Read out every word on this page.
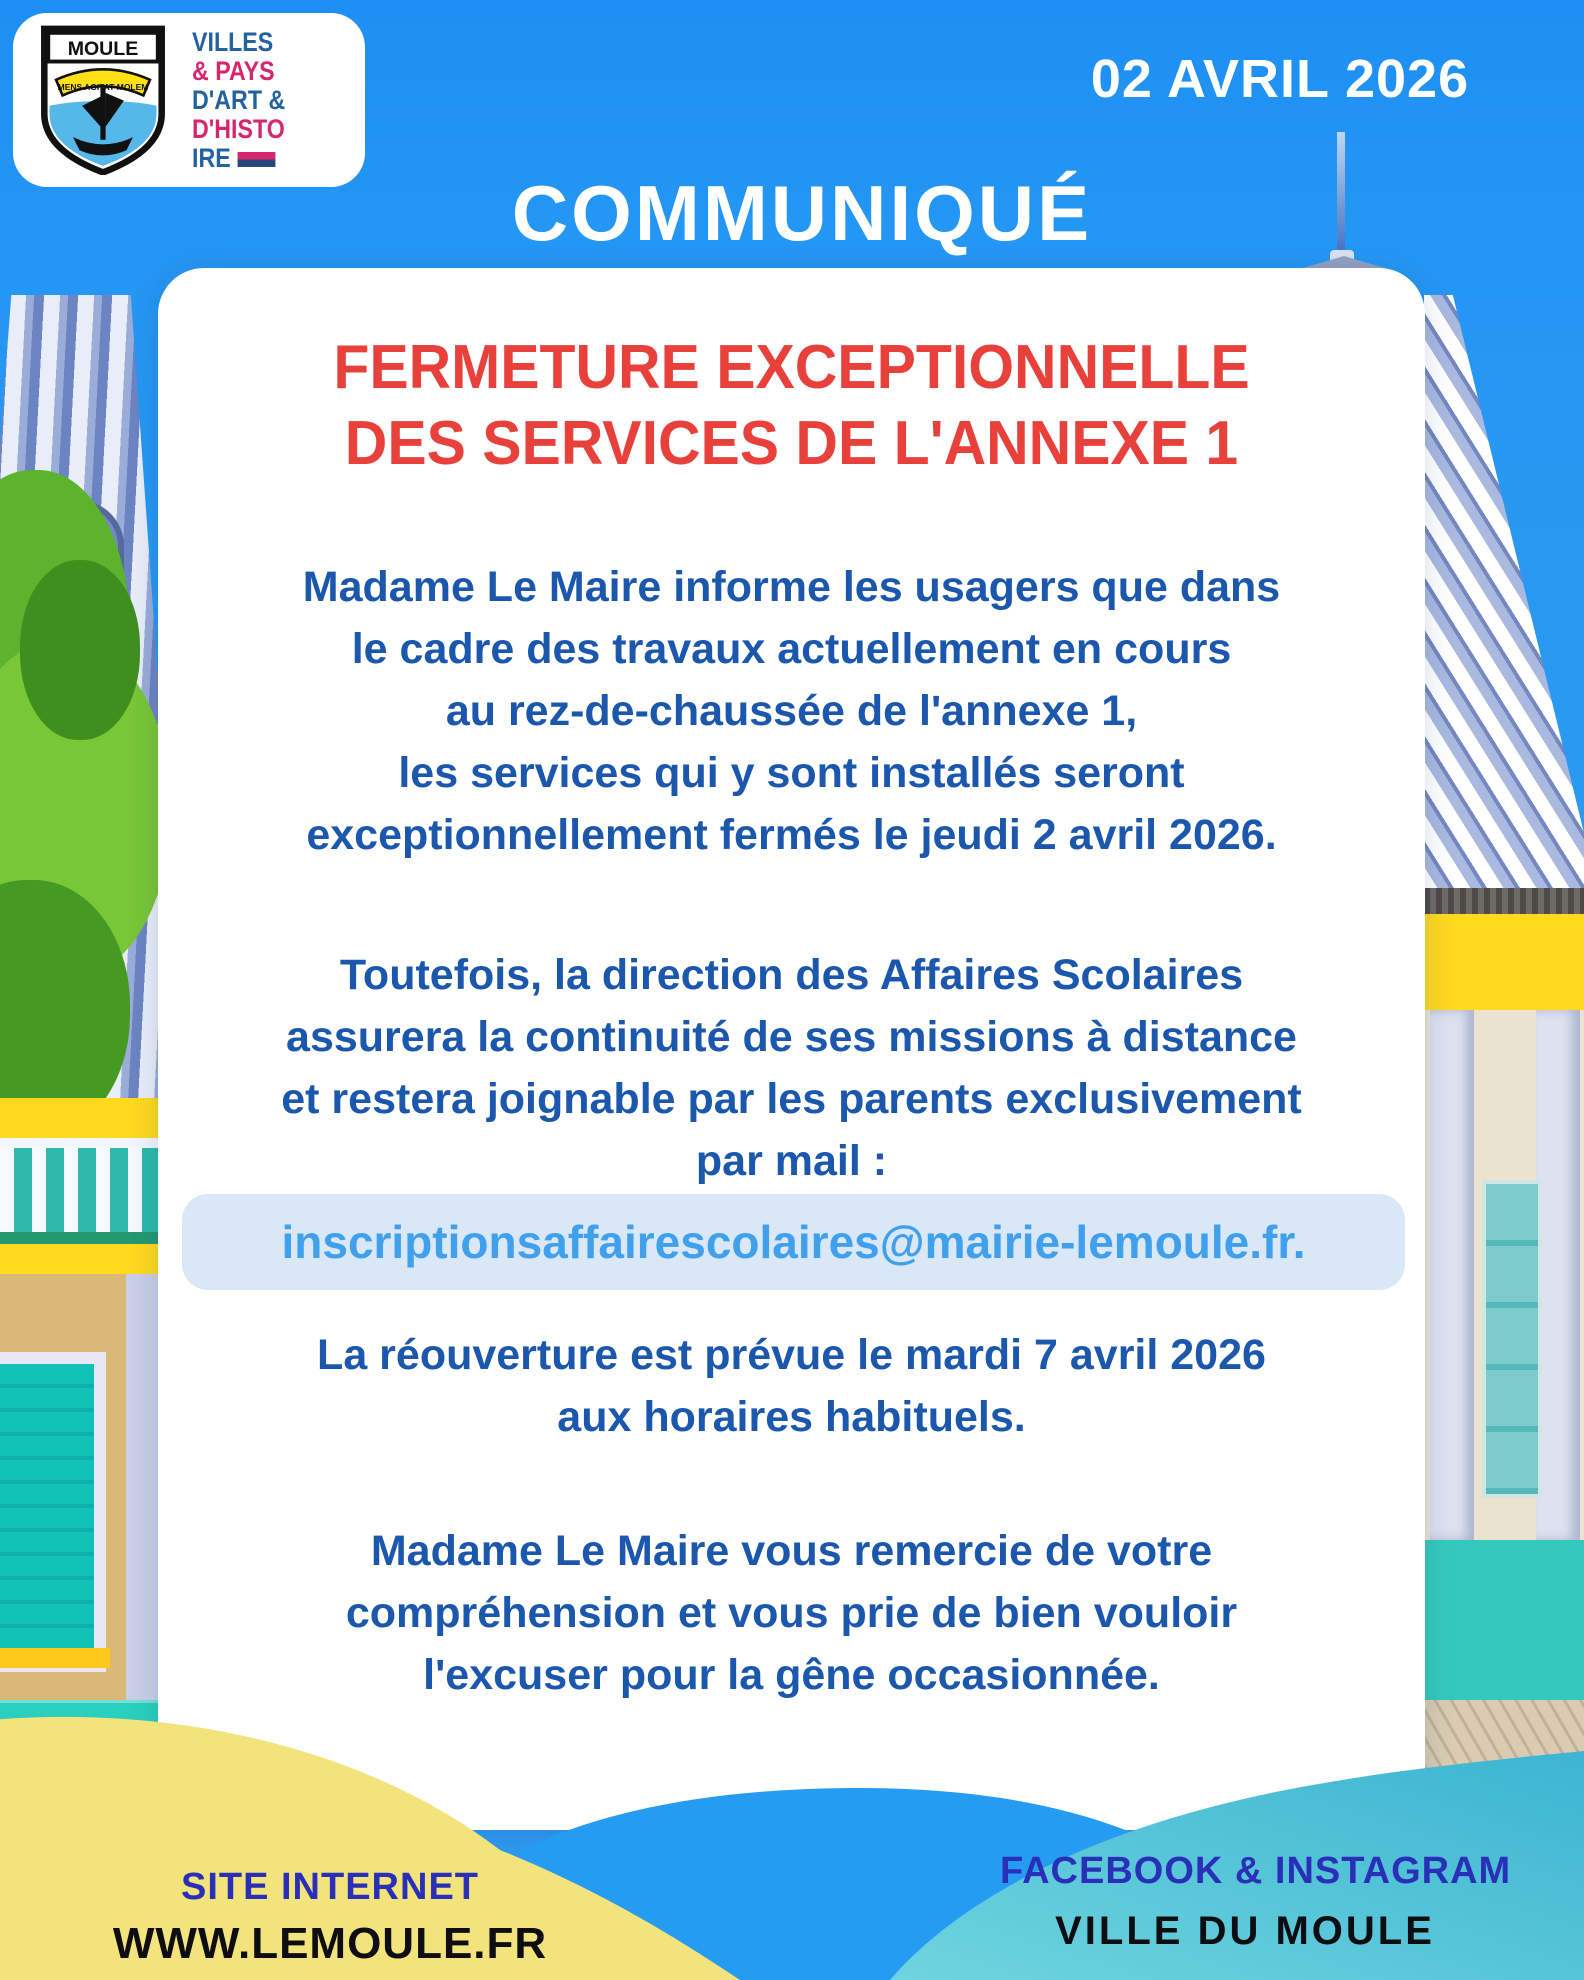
MOULE
MENS AGITAT MOLEM
VILLES
& PAYS
D'ART &
D'HISTO
IRE
02 AVRIL 2026
COMMUNIQUÉ
FERMETURE EXCEPTIONNELLE
DES SERVICES DE L'ANNEXE 1
Madame Le Maire informe les usagers que dans
le cadre des travaux actuellement en cours
au rez-de-chaussée de l'annexe 1,
les services qui y sont installés seront
exceptionnellement fermés le jeudi 2 avril 2026.
Toutefois, la direction des Affaires Scolaires
assurera la continuité de ses missions à distance
et restera joignable par les parents exclusivement
par mail :
inscriptionsaffairescolaires@mairie-lemoule.fr.
La réouverture est prévue le mardi 7 avril 2026
aux horaires habituels.
Madame Le Maire vous remercie de votre
compréhension et vous prie de bien vouloir
l'excuser pour la gêne occasionnée.
SITE INTERNET
WWW.LEMOULE.FR
FACEBOOK & INSTAGRAM
VILLE DU MOULE
